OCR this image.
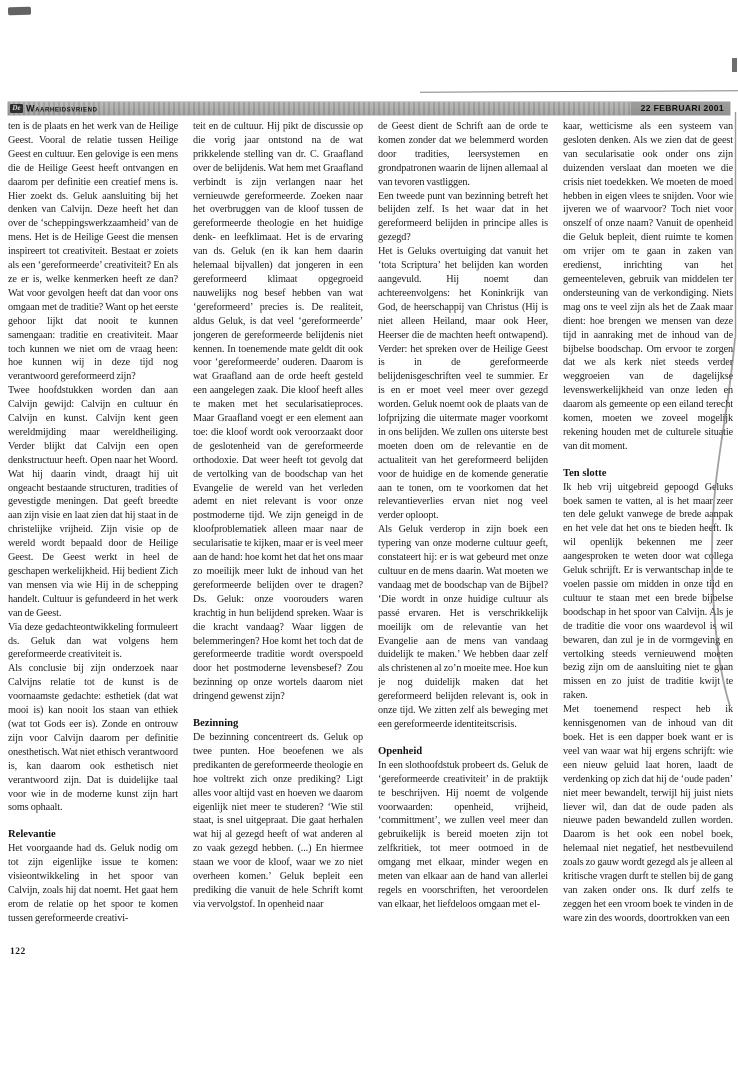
De Waarheidsvriend	22 FEBRUARI 2001

ten is de plaats en het werk van de Heilige Geest. Vooral de relatie tussen Heilige Geest en cultuur. Een gelovige is een mens die de Heilige Geest heeft ontvangen en daarom per definitie een creatief mens is. Hier zoekt ds. Geluk aansluiting bij het denken van Calvijn. Deze heeft het dan over de ‘scheppingswerkzaamheid’ van de mens. Het is de Heilige Geest die mensen inspireert tot creativiteit. Bestaat er zoiets als een ‘gereformeerde’ creativiteit? En als ze er is, welke kenmerken heeft ze dan? Wat voor gevolgen heeft dat dan voor ons omgaan met de traditie? Want op het eerste gehoor lijkt dat nooit te kunnen samengaan: traditie en creativiteit. Maar toch kunnen we niet om de vraag heen: hoe kunnen wij in deze tijd nog verantwoord gereformeerd zijn?

Twee hoofdstukken worden dan aan Calvijn gewijd: Calvijn en cultuur én Calvijn en kunst. Calvijn kent geen wereldmijding maar wereldheiliging. Verder blijkt dat Calvijn een open denkstructuur heeft. Open naar het Woord. Wat hij daarin vindt, draagt hij uit ongeacht bestaande structuren, tradities of gevestigde meningen. Dat geeft breedte aan zijn visie en laat zien dat hij staat in de christelijke vrijheid. Zijn visie op de wereld wordt bepaald door de Heilige Geest. De Geest werkt in heel de geschapen werkelijkheid. Hij bedient Zich van mensen via wie Hij in de schepping handelt. Cultuur is gefundeerd in het werk van de Geest.

Via deze gedachteontwikkeling formuleert ds. Geluk dan wat volgens hem gereformeerde creativiteit is.

Als conclusie bij zijn onderzoek naar Calvijns relatie tot de kunst is de voornaamste gedachte: esthetiek (dat wat mooi is) kan nooit los staan van ethiek (wat tot Gods eer is). Zonde en ontrouw zijn voor Calvijn daarom per definitie onesthetisch. Wat niet ethisch verantwoord is, kan daarom ook esthetisch niet verantwoord zijn. Dat is duidelijke taal voor wie in de moderne kunst zijn hart soms ophaalt.

Relevantie

Het voorgaande had ds. Geluk nodig om tot zijn eigenlijke issue te komen: visieontwikkeling in het spoor van Calvijn, zoals hij dat noemt. Het gaat hem erom de relatie op het spoor te komen tussen gereformeerde creativi-

teit en de cultuur. Hij pikt de discussie op die vorig jaar ontstond na de wat prikkelende stelling van dr. C. Graafland over de belijdenis. Wat hem met Graafland verbindt is zijn verlangen naar het vernieuwde gereformeerde. Zoeken naar het overbruggen van de kloof tussen de gereformeerde theologie en het huidige denk- en leefklimaat. Het is de ervaring van ds. Geluk (en ik kan hem daarin helemaal bijvallen) dat jongeren in een gereformeerd klimaat opgegroeid nauwelijks nog besef hebben van wat ‘gereformeerd’ precies is. De realiteit, aldus Geluk, is dat veel ‘gereformeerde’ jongeren de gereformeerde belijdenis niet kennen. In toenemende mate geldt dit ook voor ‘gereformeerde’ ouderen. Daarom is wat Graafland aan de orde heeft gesteld een aangelegen zaak. Die kloof heeft alles te maken met het secularisatieproces. Maar Graafland voegt er een element aan toe: die kloof wordt ook veroorzaakt door de geslotenheid van de gereformeerde orthodoxie. Dat weer heeft tot gevolg dat de vertolking van de boodschap van het Evangelie de wereld van het verleden ademt en niet relevant is voor onze postmoderne tijd. We zijn geneigd in de kloofproblematiek alleen maar naar de secularisatie te kijken, maar er is veel meer aan de hand: hoe komt het dat het ons maar zo moeilijk meer lukt de inhoud van het gereformeerde belijden over te dragen? Ds. Geluk: onze voorouders waren krachtig in hun belijdend spreken. Waar is die kracht vandaag? Waar liggen de belemmeringen? Hoe komt het toch dat de gereformeerde traditie wordt overspoeld door het postmoderne levensbesef? Zou bezinning op onze wortels daarom niet dringend gewenst zijn?

Bezinning

De bezinning concentreert ds. Geluk op twee punten. Hoe beoefenen we als predikanten de gereformeerde theologie en hoe voltrekt zich onze prediking? Ligt alles voor altijd vast en hoeven we daarom eigenlijk niet meer te studeren? ‘Wie stil staat, is snel uitgepraat. Die gaat herhalen wat hij al gezegd heeft of wat anderen al zo vaak gezegd hebben. (...) En hiermee staan we voor de kloof, waar we zo niet overheen komen.’ Geluk bepleit een prediking die vanuit de hele Schrift komt via vervolgstof. In openheid naar

de Geest dient de Schrift aan de orde te komen zonder dat we belemmerd worden door tradities, leersystemen en grondpatronen waarin de lijnen allemaal al van tevoren vastliggen.

Een tweede punt van bezinning betreft het belijden zelf. Is het waar dat in het gereformeerd belijden in principe alles is gezegd?

Het is Geluks overtuiging dat vanuit het ‘tota Scriptura’ het belijden kan worden aangevuld. Hij noemt dan achtereenvolgens: het Koninkrijk van God, de heerschappij van Christus (Hij is niet alleen Heiland, maar ook Heer, Heerser die de machten heeft ontwapend). Verder: het spreken over de Heilige Geest is in de gereformeerde belijdenisgeschriften veel te summier. Er is en er moet veel meer over gezegd worden. Geluk noemt ook de plaats van de lofprijzing die uitermate mager voorkomt in ons belijden. We zullen ons uiterste best moeten doen om de relevantie en de actualiteit van het gereformeerd belijden voor de huidige en de komende generatie aan te tonen, om te voorkomen dat het relevantieverlies ervan niet nog veel verder oploopt.

Als Geluk verderop in zijn boek een typering van onze moderne cultuur geeft, constateert hij: er is wat gebeurd met onze cultuur en de mens daarin. Wat moeten we vandaag met de boodschap van de Bijbel? ‘Die wordt in onze huidige cultuur als passé ervaren. Het is verschrikkelijk moeilijk om de relevantie van het Evangelie aan de mens van vandaag duidelijk te maken.’ We hebben daar zelf als christenen al zo’n moeite mee. Hoe kun je nog duidelijk maken dat het gereformeerd belijden relevant is, ook in onze tijd. We zitten zelf als beweging met een gereformeerde identiteitscrisis.

Openheid

In een slothoofdstuk probeert ds. Geluk de ‘gereformeerde creativiteit’ in de praktijk te beschrijven. Hij noemt de volgende voorwaarden: openheid, vrijheid, ‘committment’, we zullen veel meer dan gebruikelijk is bereid moeten zijn tot zelfkritiek, tot meer ootmoed in de omgang met elkaar, minder wegen en meten van elkaar aan de hand van allerlei regels en voorschriften, het veroordelen van elkaar, het liefdeloos omgaan met el-

kaar, wetticisme als een systeem van gesloten denken. Als we zien dat de geest van secularisatie ook onder ons zijn duizenden verslaat dan moeten we die crisis niet toedekken. We moeten de moed hebben in eigen vlees te snijden. Voor wie ijveren we of waarvoor? Toch niet voor onszelf of onze naam? Vanuit de openheid die Geluk bepleit, dient ruimte te komen om vrijer om te gaan in zaken van eredienst, inrichting van het gemeenteleven, gebruik van middelen ter ondersteuning van de verkondiging. Niets mag ons te veel zijn als het de Zaak maar dient: hoe brengen we mensen van deze tijd in aanraking met de inhoud van de bijbelse boodschap. Om ervoor te zorgen dat we als kerk niet steeds verder weggroeien van de dagelijkse levenswerkelijkheid van onze leden en daarom als gemeente op een eiland terecht komen, moeten we zoveel mogelijk rekening houden met de culturele situatie van dit moment.

Ten slotte

Ik heb vrij uitgebreid gepoogd Geluks boek samen te vatten, al is het maar zeer ten dele gelukt vanwege de brede aanpak en het vele dat het ons te bieden heeft. Ik wil openlijk bekennen me zeer aangesproken te weten door wat collega Geluk schrijft. Er is verwantschap in de te voelen passie om midden in onze tijd en cultuur te staan met een brede bijbelse boodschap in het spoor van Calvijn. Als je de traditie die voor ons waardevol is wil bewaren, dan zul je in de vormgeving en vertolking steeds vernieuwend moeten bezig zijn om de aansluiting niet te gaan missen en zo juist de traditie kwijt te raken.

Met toenemend respect heb ik kennisgenomen van de inhoud van dit boek. Het is een dapper boek want er is veel van waar wat hij ergens schrijft: wie een nieuw geluid laat horen, laadt de verdenking op zich dat hij de ‘oude paden’ niet meer bewandelt, terwijl hij juist niets liever wil, dan dat de oude paden als nieuwe paden bewandeld zullen worden. Daarom is het ook een nobel boek, helemaal niet negatief, het nestbevuilend zoals zo gauw wordt gezegd als je alleen al kritische vragen durft te stellen bij de gang van zaken onder ons. Ik durf zelfs te zeggen het een vroom boek te vinden in de ware zin des woords, doortrokken van een

122
